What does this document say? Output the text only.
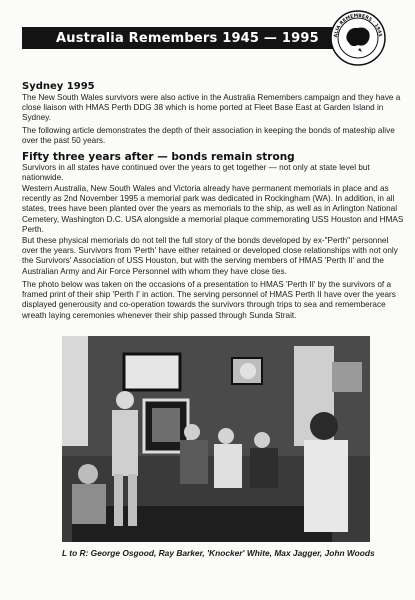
Australia Remembers 1945 — 1995	ALIA REMEMBERS · 1945
Sydney 1995

The New South Wales survivors were also active in the Australia Remembers campaign and they have a close liaison with HMAS Perth DDG 38 which is home ported at Fleet Base East at Garden Island in Sydney.

The following article demonstrates the depth of their association in keeping the bonds of mateship alive over the past 50 years.

Fifty three years after — bonds remain strong

Survivors in all states have continued over the years to get together — not only at state level but nationwide.

Western Australia, New South Wales and Victoria already have permanent memorials in place and as recently as 2nd November 1995 a memorial park was dedicated in Rockingham (WA). In addition, in all states, trees have been planted over the years as memorials to the ship, as well as in Arlington National Cemetery, Washington D.C. USA alongside a memorial plaque commemorating USS Houston and HMAS Perth.

But these physical memorials do not tell the full story of the bonds developed by ex-"Perth" personnel over the years. Survivors from 'Perth' have either retained or developed close relationships with not only the Survivors' Association of USS Houston, but with the serving members of HMAS 'Perth II' and the Australian Army and Air Force Personnel with whom they have close ties.

The photo below was taken on the occasions of a presentation to HMAS 'Perth II' by the survivors of a framed print of their ship 'Perth I' in action. The serving personnel of HMAS Perth II have over the years displayed generousity and co-operation towards the survivors through trips to sea and rememberace wreath laying ceremonies whenever their ship passed through Sunda Strait.

L to R: George Osgood, Ray Barker, 'Knocker' White, Max Jagger, John Woods
